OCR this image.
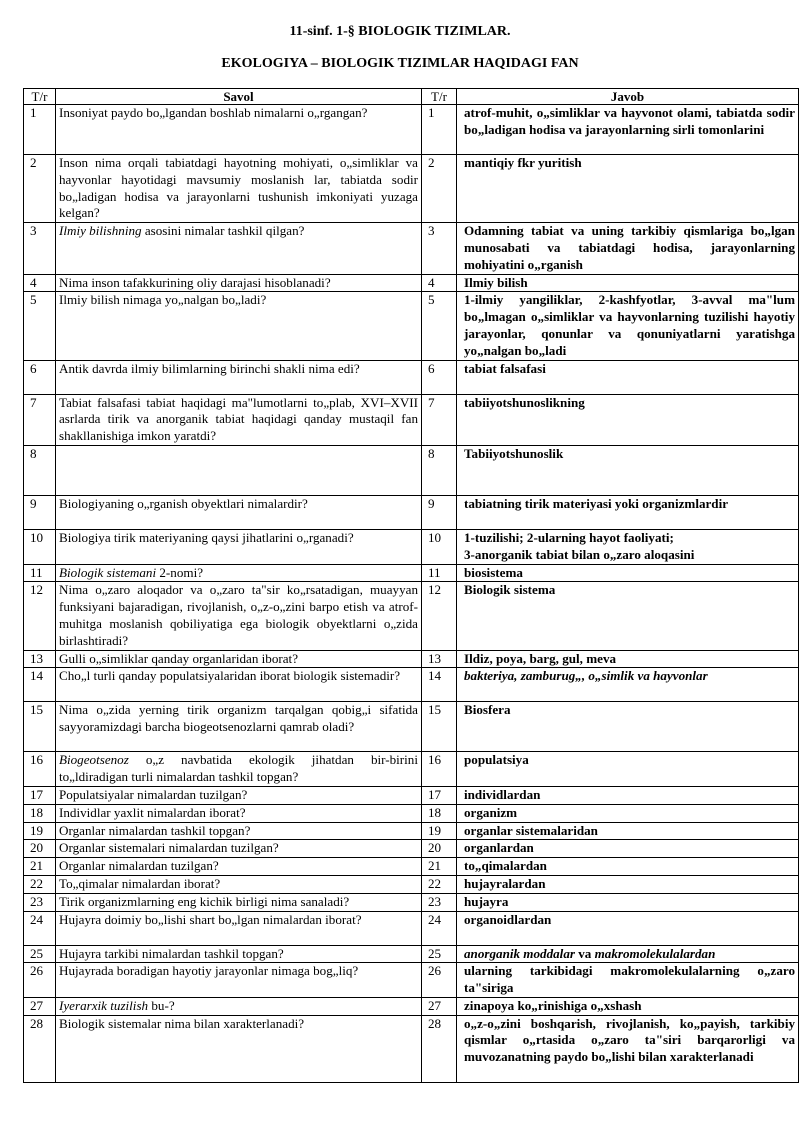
11-sinf. 1-§ BIOLOGIK TIZIMLAR.

EKOLOGIYA – BIOLOGIK TIZIMLAR HAQIDAGI FAN

T/r	Savol	T/r	Javob
1	Insoniyat paydo bo„lgandan boshlab nimalarni o„rgangan?	1	atrof-muhit, o„simliklar va hayvonot olami, tabiatda sodir bo„ladigan hodisa va jarayonlarning sirli tomonlarini
2	Inson nima orqali tabiatdagi hayotning mohiyati, o„simliklar va hayvonlar hayotidagi mavsumiy moslanish lar, tabiatda sodir bo„ladigan hodisa va jarayonlarni tushunish imkoniyati yuzaga kelgan?	2	mantiqiy fkr yuritish
3	Ilmiy bilishning asosini nimalar tashkil qilgan?	3	Odamning tabiat va uning tarkibiy qismlariga bo„lgan munosabati va tabiatdagi hodisa, jarayonlarning mohiyatini o„rganish
4	Nima inson tafakkurining oliy darajasi hisoblanadi?	4	Ilmiy bilish
5	Ilmiy bilish nimaga yo„nalgan bo„ladi?	5	1-ilmiy yangiliklar, 2-kashfyotlar, 3-avval ma"lum bo„lmagan o„simliklar va hayvonlarning tuzilishi hayotiy jarayonlar, qonunlar va qonuniyatlarni yaratishga yo„nalgan bo„ladi
6	Antik davrda ilmiy bilimlarning birinchi shakli nima edi?	6	tabiat falsafasi
7	Tabiat falsafasi tabiat haqidagi ma"lumotlarni to„plab, XVI–XVII asrlarda tirik va anorganik tabiat haqidagi qanday mustaqil fan shakllanishiga imkon yaratdi?	7	tabiiyotshunoslikning
8		8	Tabiiyotshunoslik
9	Biologiyaning o„rganish obyektlari nimalardir?	9	tabiatning tirik materiyasi yoki organizmlardir
10	Biologiya tirik materiyaning qaysi jihatlarini o„rganadi?	10	1-tuzilishi; 2-ularning hayot faoliyati;
3-anorganik tabiat bilan o„zaro aloqasini
11	Biologik sistemani 2-nomi?	11	biosistema
12	Nima o„zaro aloqador va o„zaro ta"sir ko„rsatadigan, muayyan funksiyani bajaradigan, rivojlanish, o„z-o„zini barpo etish va atrof-muhitga moslanish qobiliyatiga ega biologik obyektlarni o„zida birlashtiradi?	12	Biologik sistema
13	Gulli o„simliklar qanday organlaridan iborat?	13	Ildiz, poya, barg, gul, meva
14	Cho„l turli qanday populatsiyalaridan iborat biologik sistemadir?	14	bakteriya, zamburug„, o„simlik va hayvonlar
15	Nima o„zida yerning tirik organizm tarqalgan qobig„i sifatida sayyoramizdagi barcha biogeotsenozlarni qamrab oladi?	15	Biosfera
16	Biogeotsenoz o„z navbatida ekologik jihatdan bir-birini to„ldiradigan turli nimalardan tashkil topgan?	16	populatsiya
17	Populatsiyalar nimalardan tuzilgan?	17	individlardan
18	Individlar yaxlit nimalardan iborat?	18	organizm
19	Organlar nimalardan tashkil topgan?	19	organlar sistemalaridan
20	Organlar sistemalari nimalardan tuzilgan?	20	organlardan
21	Organlar nimalardan tuzilgan?	21	to„qimalardan
22	To„qimalar nimalardan iborat?	22	hujayralardan
23	Tirik organizmlarning eng kichik birligi nima sanaladi?	23	hujayra
24	Hujayra doimiy bo„lishi shart bo„lgan nimalardan iborat?	24	organoidlardan
25	Hujayra tarkibi nimalardan tashkil topgan?	25	anorganik moddalar va makromolekulalardan
26	Hujayrada boradigan hayotiy jarayonlar nimaga bog„liq?	26	ularning tarkibidagi makromolekulalarning o„zaro ta"siriga
27	Iyerarxik tuzilish bu-?	27	zinapoya ko„rinishiga o„xshash
28	Biologik sistemalar nima bilan xarakterlanadi?	28	o„z-o„zini boshqarish, rivojlanish, ko„payish, tarkibiy qismlar o„rtasida o„zaro ta"siri barqarorligi va muvozanatning paydo bo„lishi bilan xarakterlanadi
